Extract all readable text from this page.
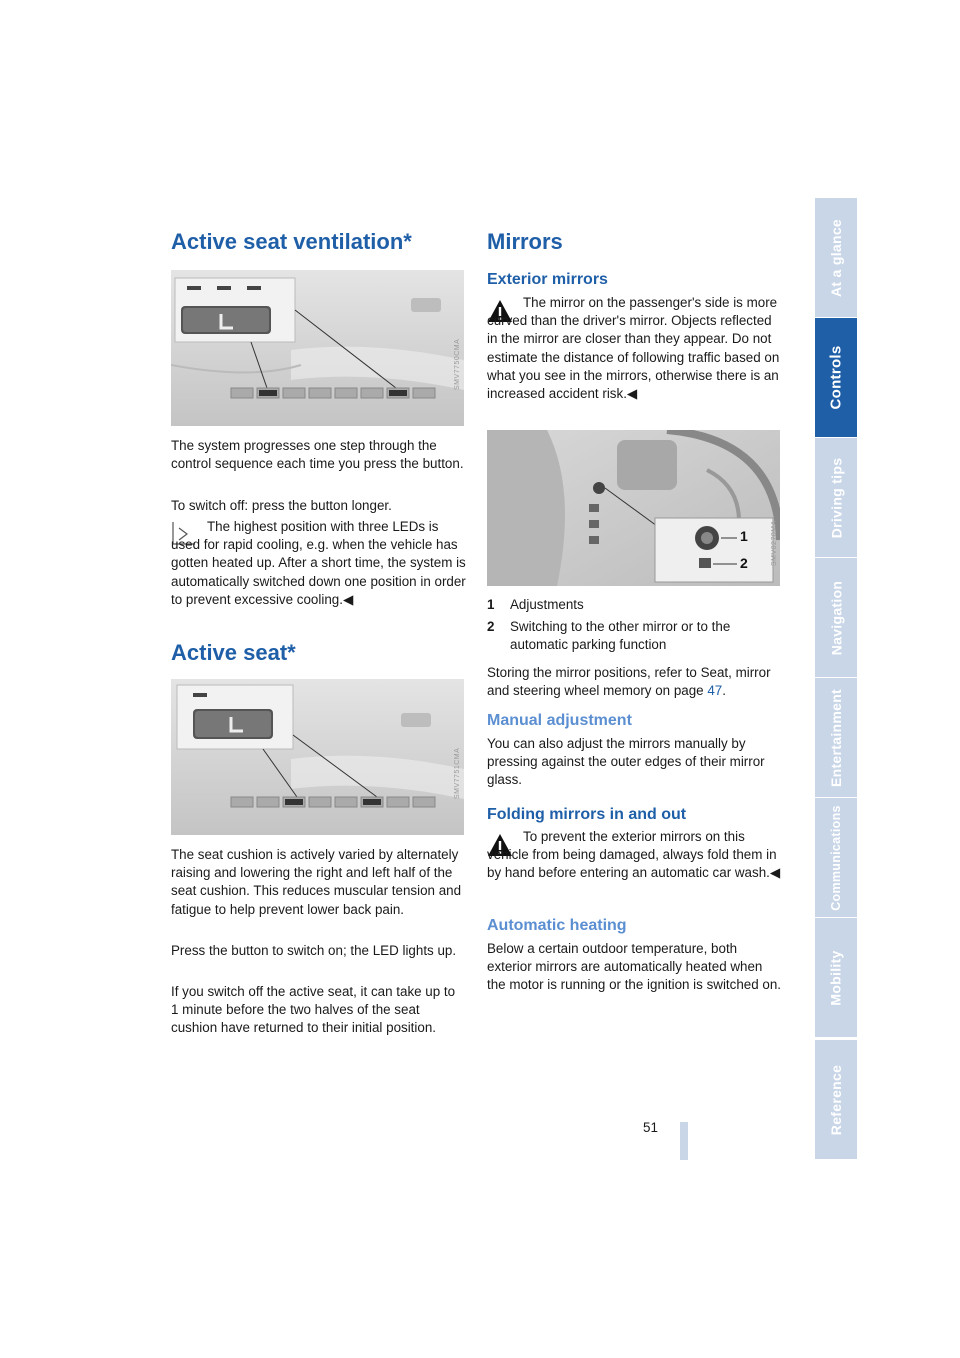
At a glance
Controls
Driving tips
Navigation
Entertainment
Communications
Mobility
Reference
Active seat ventilation*
SMV7750CMA

The system progresses one step through the control sequence each time you press the button.

To switch off: press the button longer.

The highest position with three LEDs is used for rapid cooling, e.g. when the vehicle has gotten heated up. After a short time, the system is automatically switched down one position in order to prevent excessive cooling.◀

Active seat*
SMV7751CMA

The seat cushion is actively varied by alternately raising and lowering the right and left half of the seat cushion. This reduces muscular tension and fatigue to help prevent lower back pain.

Press the button to switch on; the LED lights up.

If you switch off the active seat, it can take up to 1 minute before the two halves of the seat cushion have returned to their initial position.

Mirrors
Exterior mirrors

The mirror on the passenger's side is more curved than the driver's mirror. Objects reflected in the mirror are closer than they appear. Do not estimate the distance of following traffic based on what you see in the mirrors, otherwise there is an increased accident risk.◀

1
2	SMV0270MA
1 Adjustments
2 Switching to the other mirror or to the automatic parking function

Storing the mirror positions, refer to Seat, mirror and steering wheel memory on page 47.

Manual adjustment

You can also adjust the mirrors manually by pressing against the outer edges of their mirror glass.

Folding mirrors in and out

To prevent the exterior mirrors on this vehicle from being damaged, always fold them in by hand before entering an automatic car wash.◀

Automatic heating

Below a certain outdoor temperature, both exterior mirrors are automatically heated when the motor is running or the ignition is switched on.

51
